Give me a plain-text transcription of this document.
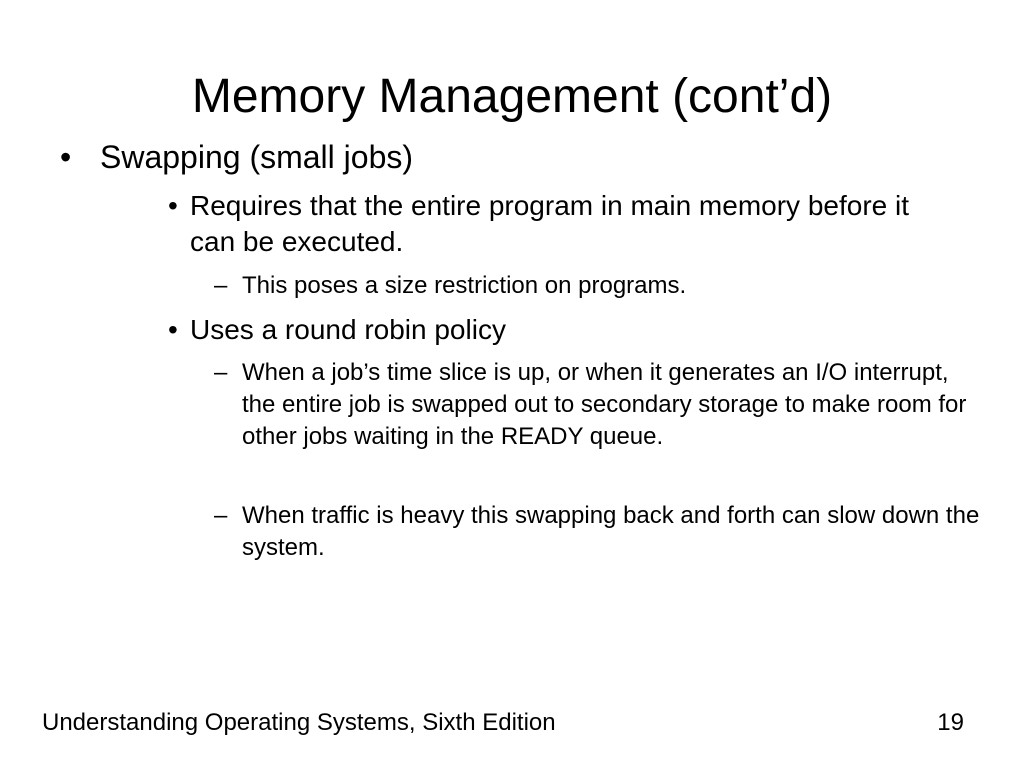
Memory Management (cont’d)
• Swapping (small jobs)
• Requires that the entire program in main memory before it can be executed.
– This poses a size restriction on programs.
• Uses a round robin policy
– When a job’s time slice is up, or when it generates an I/O interrupt, the entire job is swapped out to secondary storage to make room for other jobs waiting in the READY queue.
– When traffic is heavy this swapping back and forth can slow down the system.
Understanding Operating Systems, Sixth Edition	19
